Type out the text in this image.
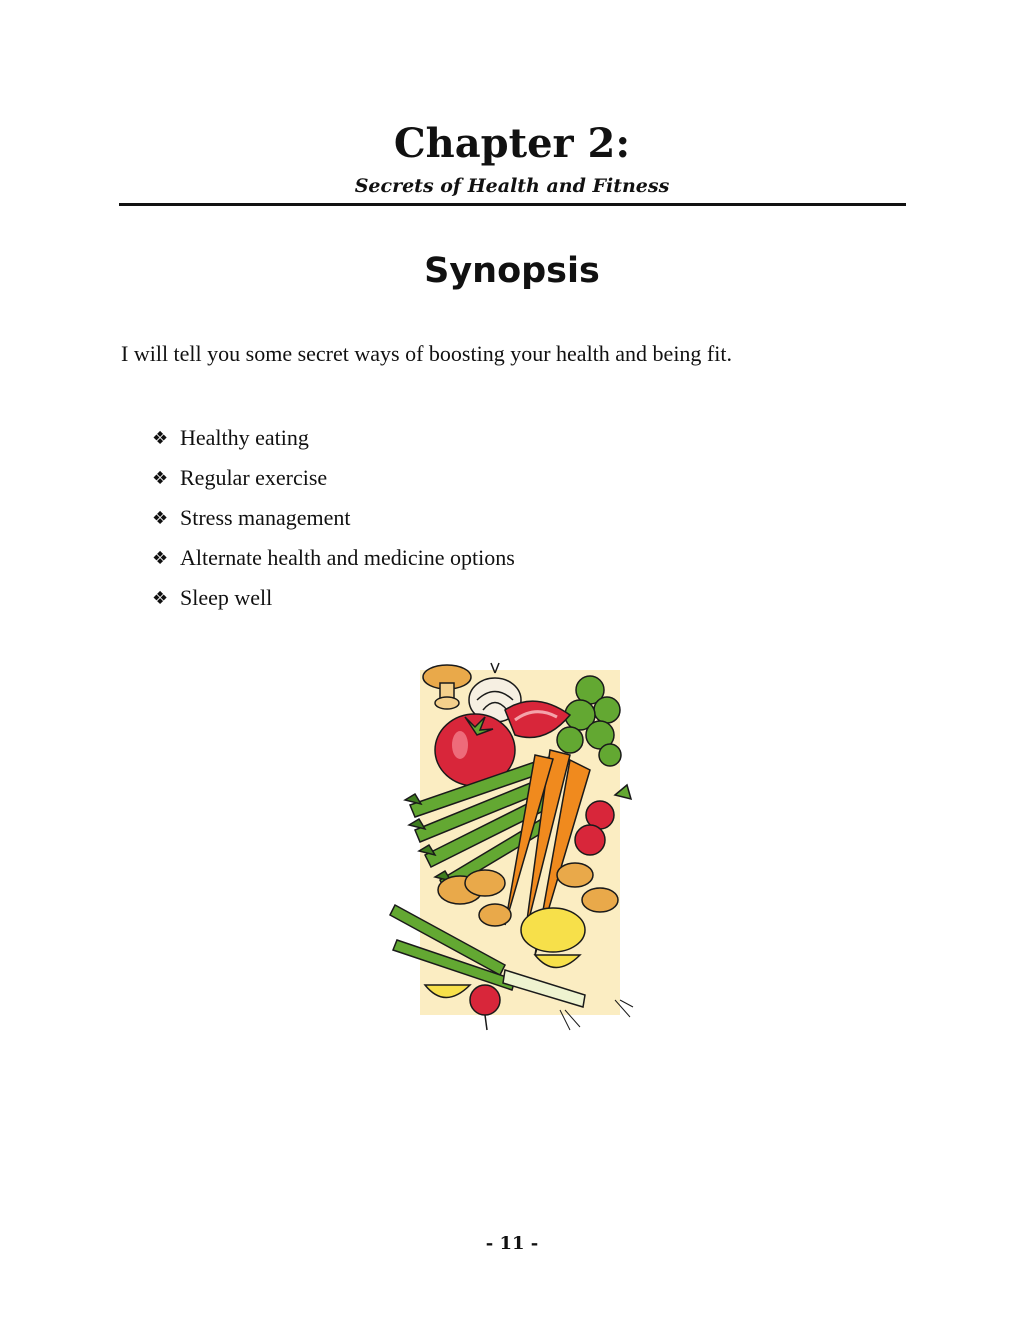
Chapter 2:
Secrets of Health and Fitness
Synopsis
I will tell you some secret ways of boosting your health and being fit.
❖ Healthy eating
❖ Regular exercise
❖ Stress management
❖ Alternate health and medicine options
❖ Sleep well
- 11 -
